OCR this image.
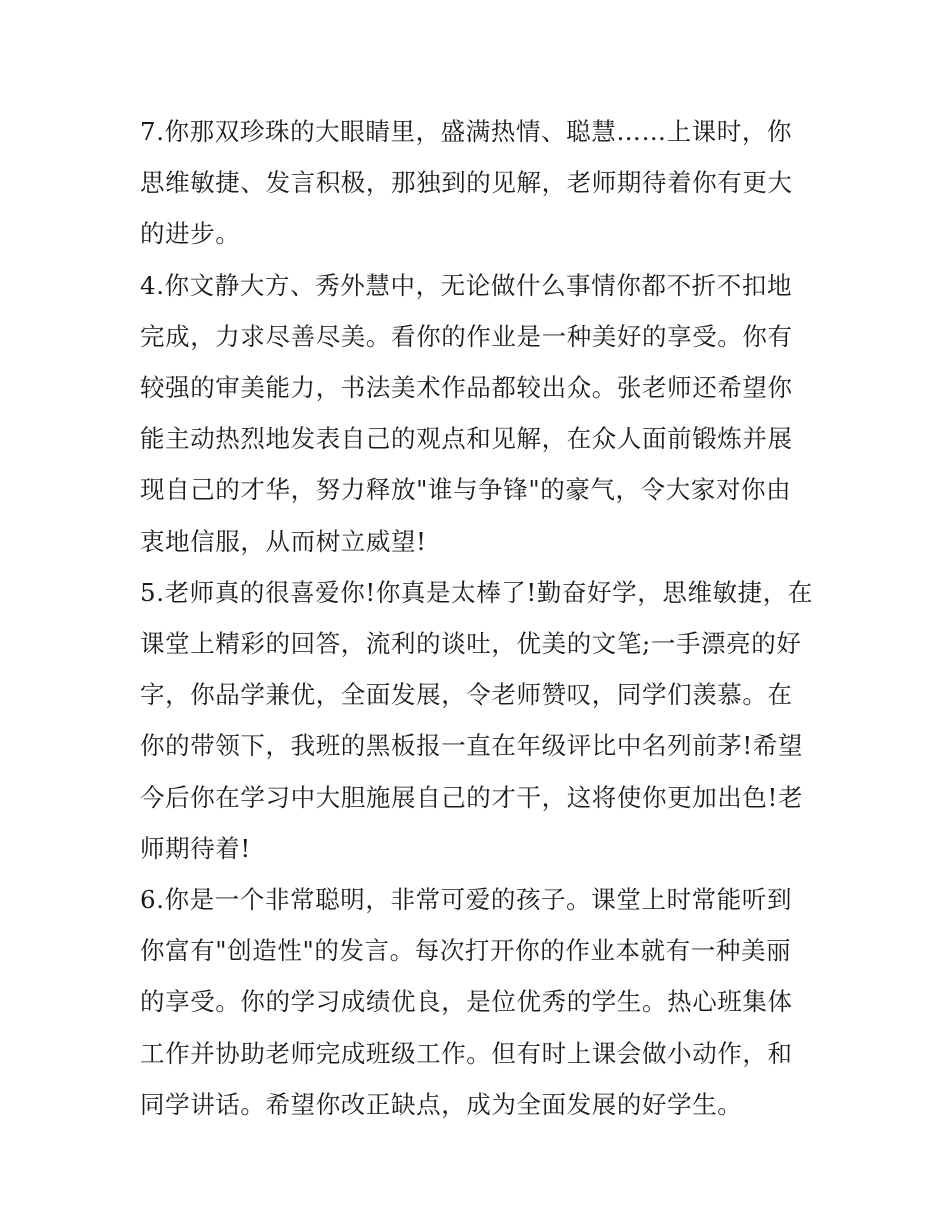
7.你那双珍珠的大眼睛里，盛满热情、聪慧……上课时，你思维敏捷、发言积极，那独到的见解，老师期待着你有更大的进步。

4.你文静大方、秀外慧中，无论做什么事情你都不折不扣地完成，力求尽善尽美。看你的作业是一种美好的享受。你有较强的审美能力，书法美术作品都较出众。张老师还希望你能主动热烈地发表自己的观点和见解，在众人面前锻炼并展现自己的才华，努力释放"谁与争锋"的豪气，令大家对你由衷地信服，从而树立威望!

5.老师真的很喜爱你!你真是太棒了!勤奋好学，思维敏捷，在课堂上精彩的回答，流利的谈吐，优美的文笔;一手漂亮的好字，你品学兼优，全面发展，令老师赞叹，同学们羡慕。在你的带领下，我班的黑板报一直在年级评比中名列前茅!希望今后你在学习中大胆施展自己的才干，这将使你更加出色!老师期待着!

6.你是一个非常聪明，非常可爱的孩子。课堂上时常能听到你富有"创造性"的发言。每次打开你的作业本就有一种美丽的享受。你的学习成绩优良，是位优秀的学生。热心班集体工作并协助老师完成班级工作。但有时上课会做小动作，和同学讲话。希望你改正缺点，成为全面发展的好学生。
